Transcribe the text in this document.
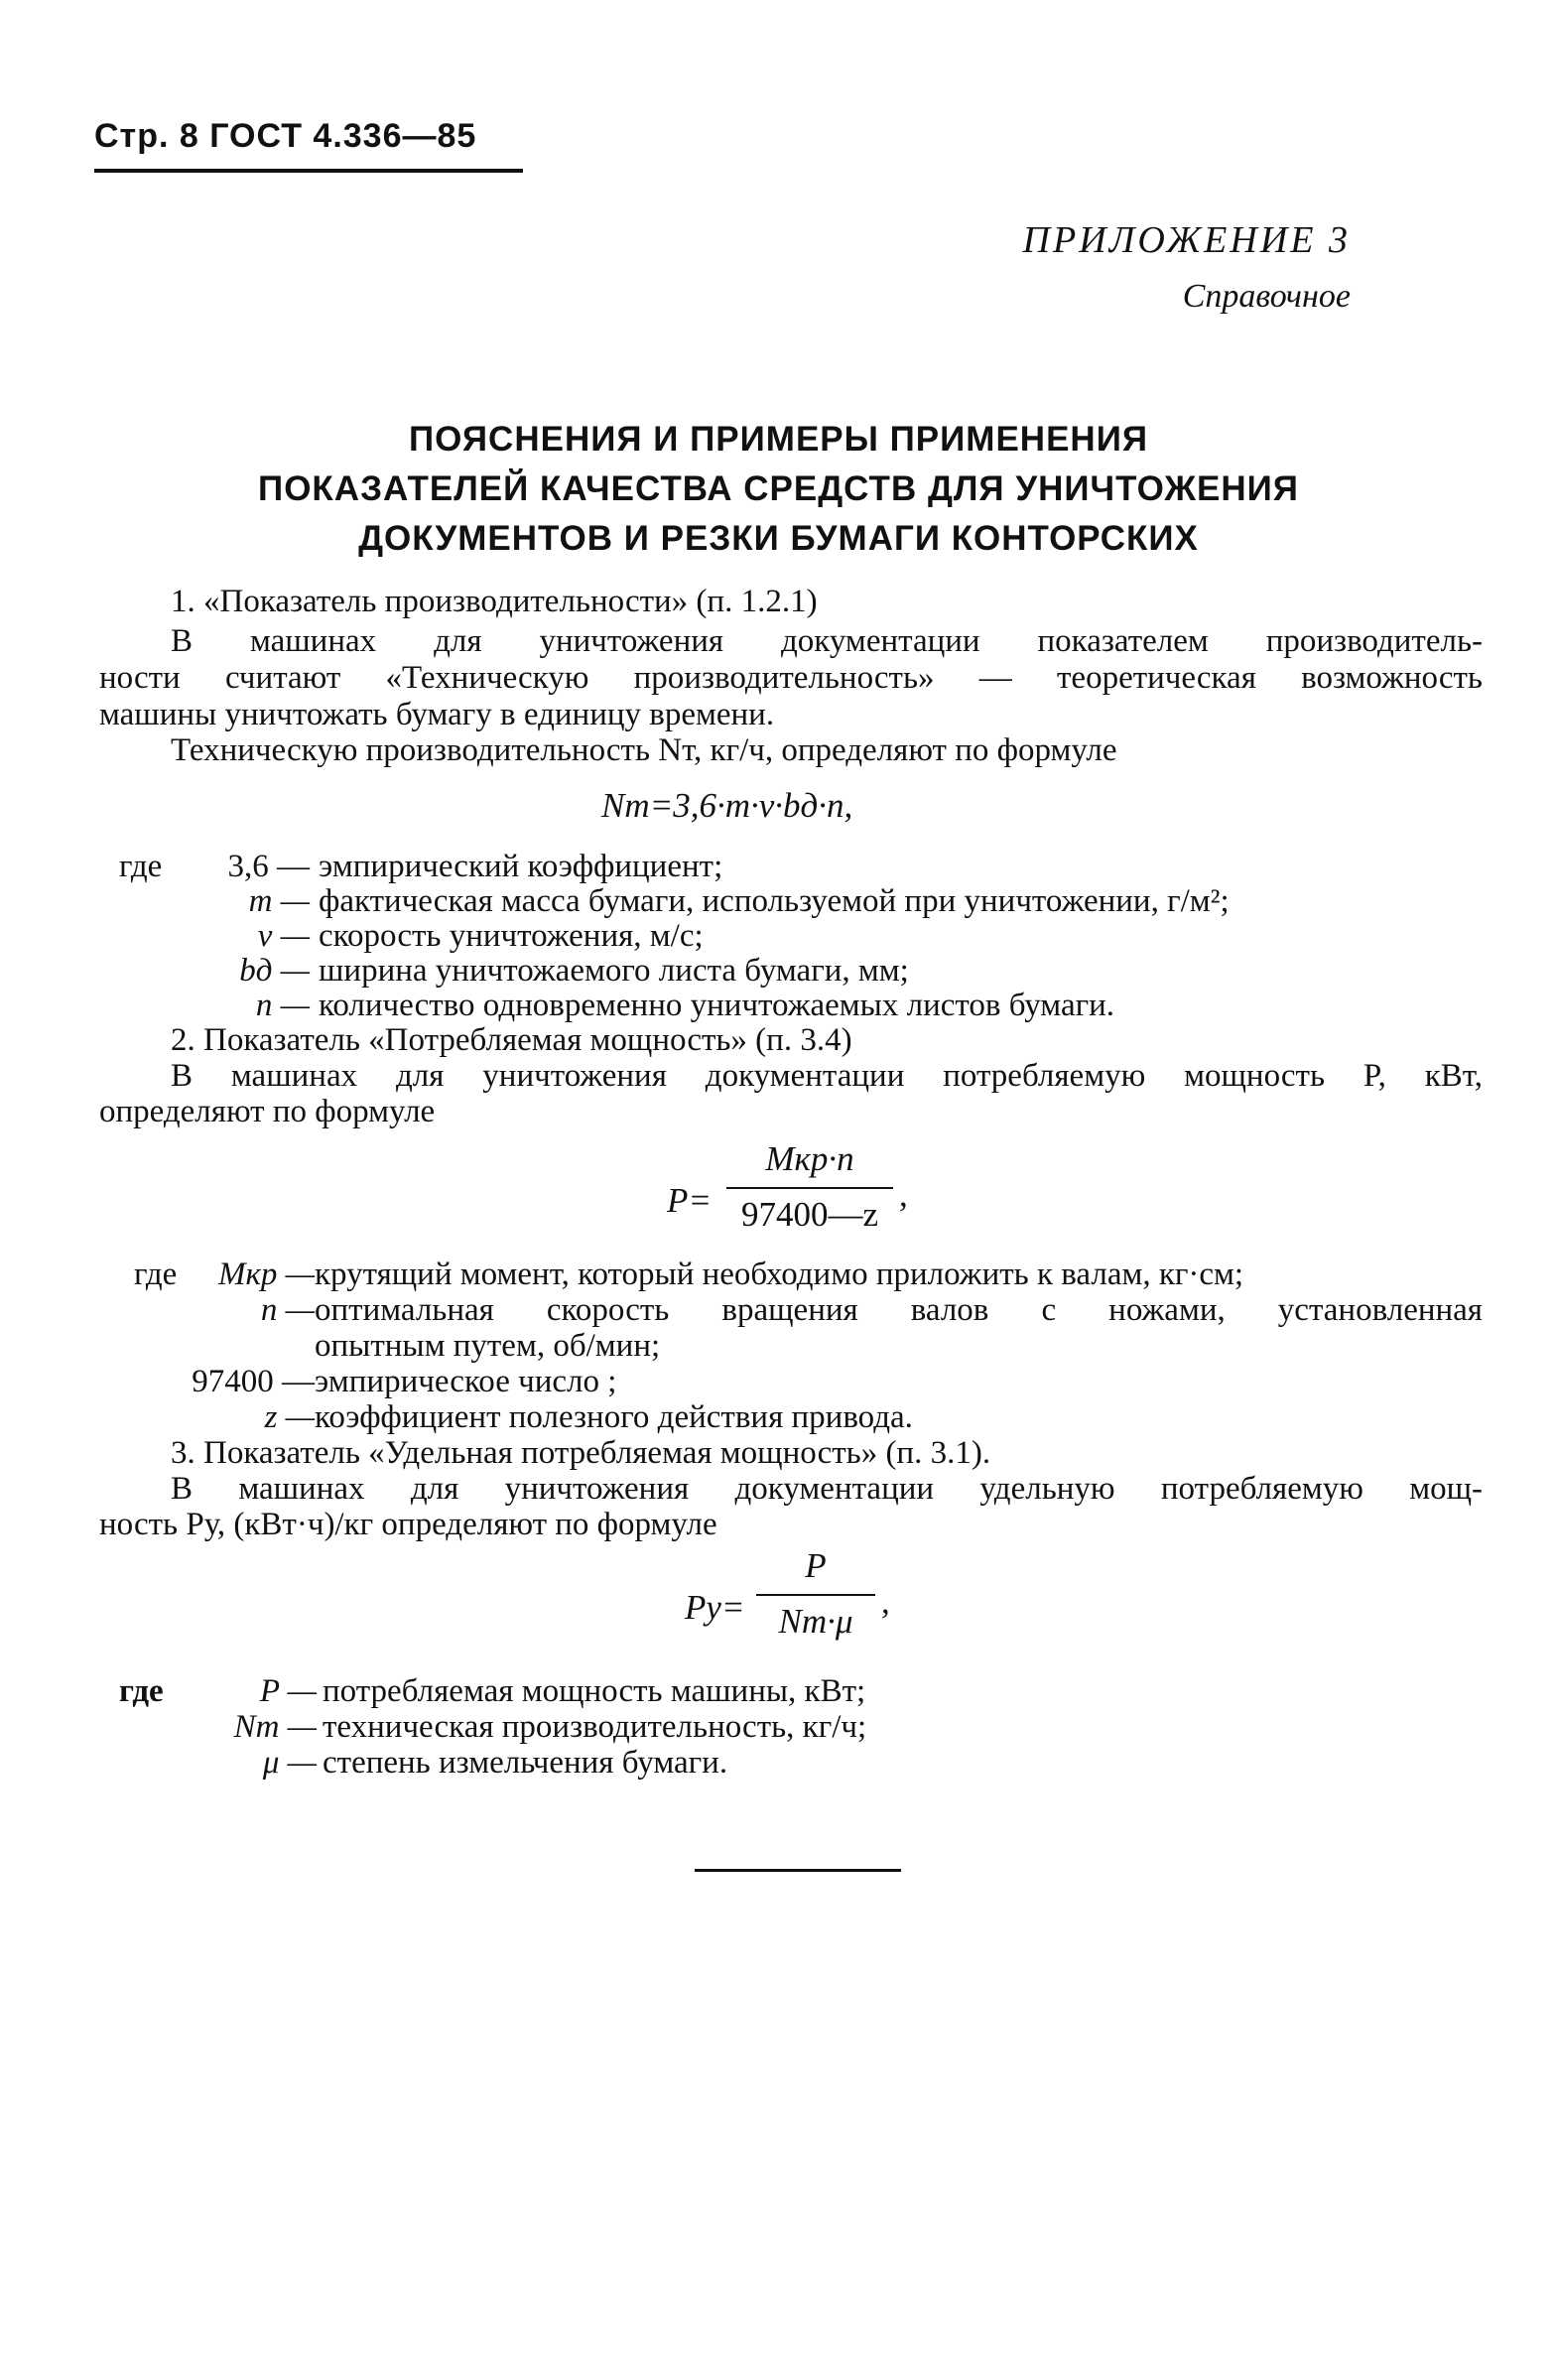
Стр. 8 ГОСТ 4.336—85
ПРИЛОЖЕНИЕ 3
Справочное
ПОЯСНЕНИЯ И ПРИМЕРЫ ПРИМЕНЕНИЯ
ПОКАЗАТЕЛЕЙ КАЧЕСТВА СРЕДСТВ ДЛЯ УНИЧТОЖЕНИЯ
ДОКУМЕНТОВ И РЕЗКИ БУМАГИ КОНТОРСКИХ
1. «Показатель производительности» (п. 1.2.1)
В машинах для уничтожения документации показателем производитель-
ности считают «Техническую производительность» — теоретическая возможность
машины уничтожать бумагу в единицу времени.
Техническую производительность Nт, кг/ч, определяют по формуле
Nт=3,6·m·v·bд·n,
где 3,6 — эмпирический коэффициент;
m — фактическая масса бумаги, используемой при уничтожении, г/м²;
v — скорость уничтожения, м/с;
bд — ширина уничтожаемого листа бумаги, мм;
n — количество одновременно уничтожаемых листов бумаги.
2. Показатель «Потребляемая мощность» (п. 3.4)
В машинах для уничтожения документации потребляемую мощность P, кВт,
определяют по формуле
P=
Mкр·n
97400—z
,
где Mкр — крутящий момент, который необходимо приложить к валам, кг·см;
n — оптимальная скорость вращения валов с ножами, установленная
опытным путем, об/мин;
97400 — эмпирическое число ;
z — коэффициент полезного действия привода.
3. Показатель «Удельная потребляемая мощность» (п. 3.1).
В машинах для уничтожения документации удельную потребляемую мощ-
ность Pу, (кВт·ч)/кг определяют по формуле
Pу=
P
Nт·μ
,
где	P — потребляемая мощность машины, кВт;
Nт — техническая производительность, кг/ч;
μ — степень измельчения бумаги.
